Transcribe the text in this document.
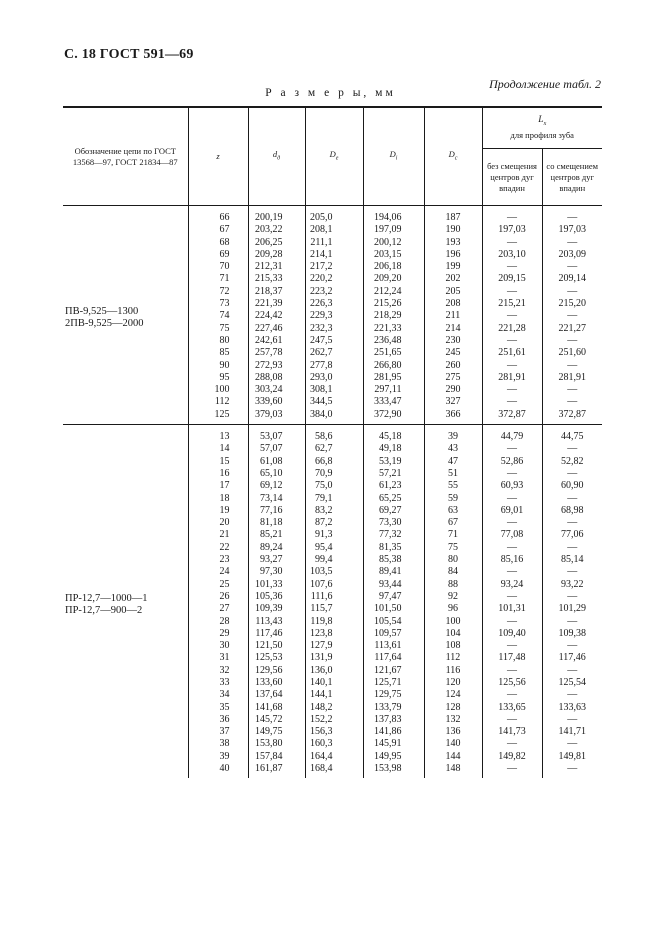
С. 18 ГОСТ 591—69
Продолжение табл. 2
Р а з м е р ы, мм
Обозначение цепи по ГОСТ 13568—97, ГОСТ 21834—87	z	$d_д$	$D_е$	$D_i$	$D_с$	$L_x$
для профиля зуба	

						без смещения центров дуг впадин	со смещением центров дуг впадин

ПВ-9,525—1300
2ПВ-9,525—2000	66	200,19	205,0	194,06	187	—	—
	67	203,22	208,1	197,09	190	197,03	197,03
	68	206,25	211,1	200,12	193	—	—
	69	209,28	214,1	203,15	196	203,10	203,09
	70	212,31	217,2	206,18	199	—	—
	71	215,33	220,2	209,20	202	209,15	209,14
	72	218,37	223,2	212,24	205	—	—
	73	221,39	226,3	215,26	208	215,21	215,20
	74	224,42	229,3	218,29	211	—	—
	75	227,46	232,3	221,33	214	221,28	221,27
	80	242,61	247,5	236,48	230	—	—
	85	257,78	262,7	251,65	245	251,61	251,60
	90	272,93	277,8	266,80	260	—	—
	95	288,08	293,0	281,95	275	281,91	281,91
	100	303,24	308,1	297,11	290	—	—
	112	339,60	344,5	333,47	327	—	—
	125	379,03	384,0	372,90	366	372,87	372,87

ПР-12,7—1000—1
ПР-12,7—900—2	13	53,07	58,6	45,18	39	44,79	44,75
	14	57,07	62,7	49,18	43	—	—
	15	61,08	66,8	53,19	47	52,86	52,82
	16	65,10	70,9	57,21	51	—	—
	17	69,12	75,0	61,23	55	60,93	60,90
	18	73,14	79,1	65,25	59	—	—
	19	77,16	83,2	69,27	63	69,01	68,98
	20	81,18	87,2	73,30	67	—	—
	21	85,21	91,3	77,32	71	77,08	77,06
	22	89,24	95,4	81,35	75	—	—
	23	93,27	99,4	85,38	80	85,16	85,14
	24	97,30	103,5	89,41	84	—	—
	25	101,33	107,6	93,44	88	93,24	93,22
	26	105,36	111,6	97,47	92	—	—
	27	109,39	115,7	101,50	96	101,31	101,29
	28	113,43	119,8	105,54	100	—	—
	29	117,46	123,8	109,57	104	109,40	109,38
	30	121,50	127,9	113,61	108	—	—
	31	125,53	131,9	117,64	112	117,48	117,46
	32	129,56	136,0	121,67	116	—	—
	33	133,60	140,1	125,71	120	125,56	125,54
	34	137,64	144,1	129,75	124	—	—
	35	141,68	148,2	133,79	128	133,65	133,63
	36	145,72	152,2	137,83	132	—	—
	37	149,75	156,3	141,86	136	141,73	141,71
	38	153,80	160,3	145,91	140	—	—
	39	157,84	164,4	149,95	144	149,82	149,81
	40	161,87	168,4	153,98	148	—	—
